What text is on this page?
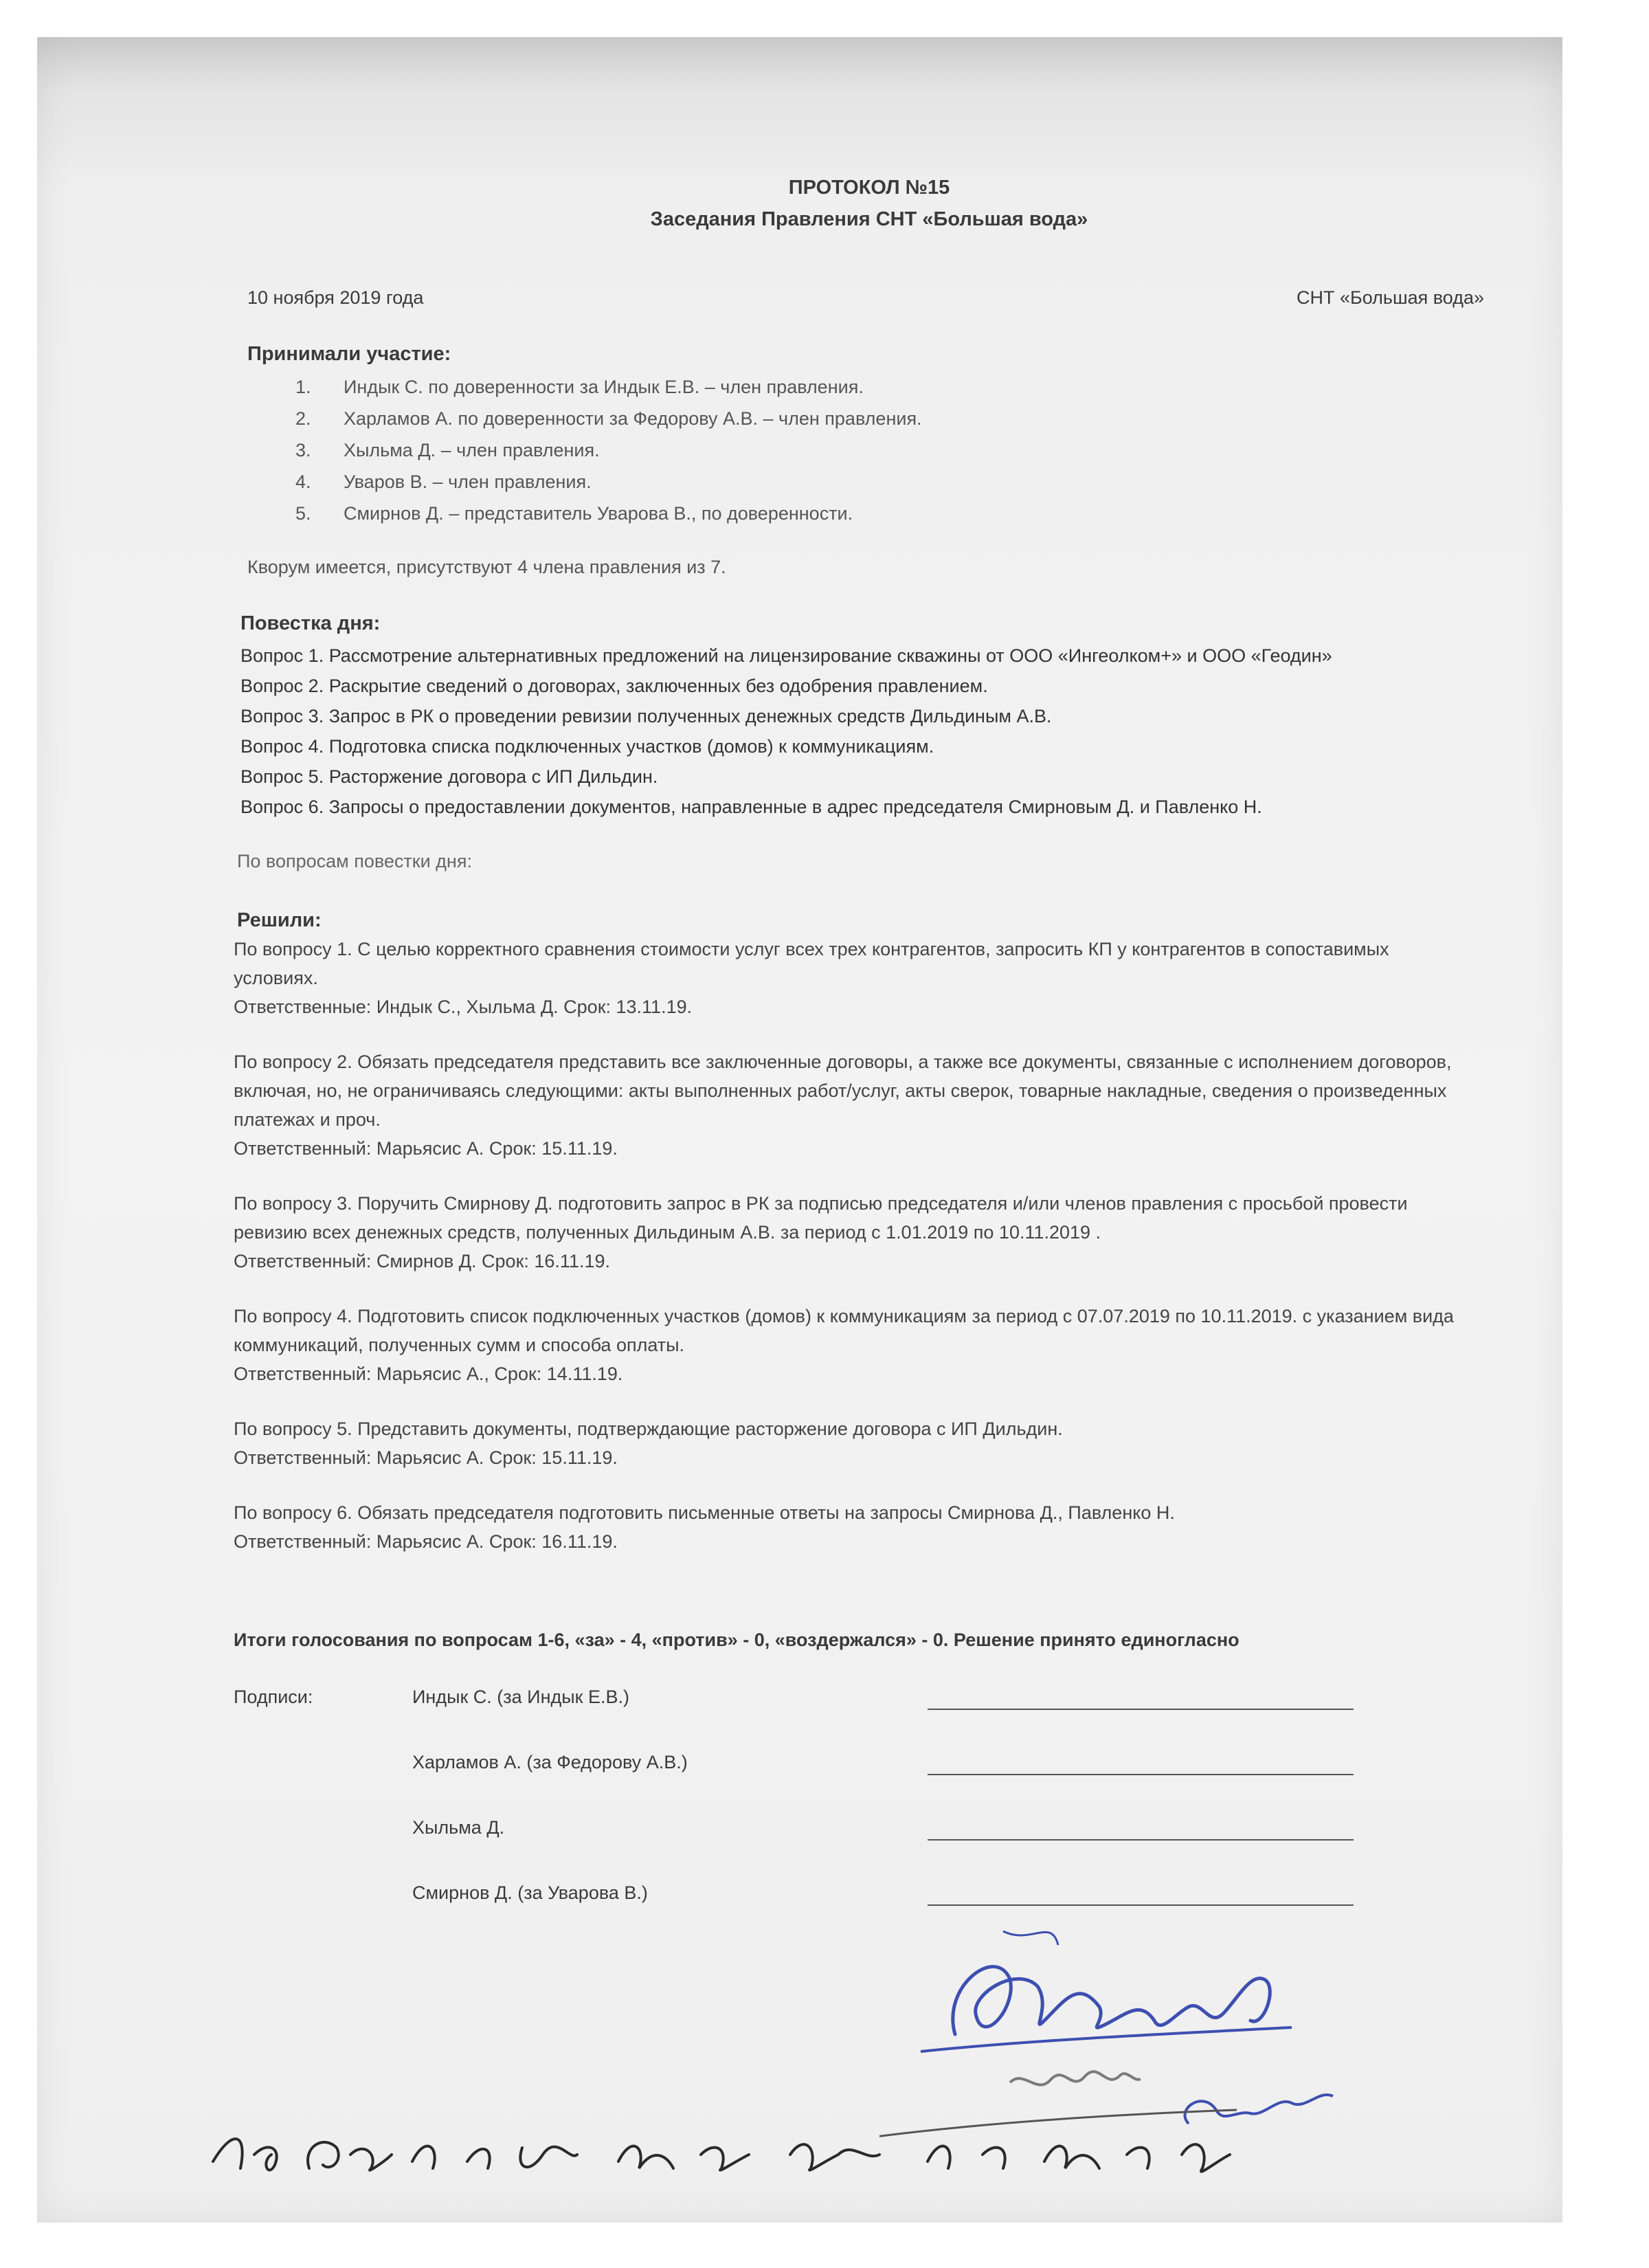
ПРОТОКОЛ №15
Заседания Правления СНТ «Большая вода»
10 ноября 2019 года	СНТ «Большая вода»
Принимали участие:
Индык С. по доверенности за Индык Е.В. – член правления.
Харламов А. по доверенности за Федорову А.В. – член правления.
Хыльма Д. – член правления.
Уваров В. – член правления.
Смирнов Д. – представитель Уварова В., по доверенности.
Кворум имеется, присутствуют 4 члена правления из 7.
Повестка дня:
Вопрос 1. Рассмотрение альтернативных предложений на лицензирование скважины от ООО «Ингеолком+» и ООО «Геодин»
Вопрос 2. Раскрытие сведений о договорах, заключенных без одобрения правлением.
Вопрос 3. Запрос в РК о проведении ревизии полученных денежных средств Дильдиным А.В.
Вопрос 4. Подготовка списка подключенных участков (домов) к коммуникациям.
Вопрос 5. Расторжение договора с ИП Дильдин.
Вопрос 6. Запросы о предоставлении документов, направленные в адрес председателя Смирновым Д. и Павленко Н.
По вопросам повестки дня:
Решили:
По вопросу 1. С целью корректного сравнения стоимости услуг всех трех контрагентов, запросить КП у контрагентов в сопоставимых условиях.
Ответственные: Индык С., Хыльма Д. Срок: 13.11.19.
По вопросу 2. Обязать председателя представить все заключенные договоры, а также все документы, связанные с исполнением договоров, включая, но, не ограничиваясь следующими: акты выполненных работ/услуг, акты сверок, товарные накладные, сведения о произведенных платежах и проч.
Ответственный: Марьясис А. Срок: 15.11.19.
По вопросу 3. Поручить Смирнову Д. подготовить запрос в РК за подписью председателя и/или членов правления с просьбой провести ревизию всех денежных средств, полученных Дильдиным А.В. за период с 1.01.2019 по 10.11.2019 .
Ответственный: Смирнов Д. Срок: 16.11.19.
По вопросу 4. Подготовить список подключенных участков (домов) к коммуникациям за период с 07.07.2019 по 10.11.2019. с указанием вида коммуникаций, полученных сумм и способа оплаты.
Ответственный: Марьясис А., Срок: 14.11.19.
По вопросу 5. Представить документы, подтверждающие расторжение договора с ИП Дильдин.
Ответственный: Марьясис А. Срок: 15.11.19.
По вопросу 6. Обязать председателя подготовить письменные ответы на запросы Смирнова Д., Павленко Н.
Ответственный: Марьясис А. Срок: 16.11.19.
Итоги голосования по вопросам 1-6, «за» - 4, «против» - 0, «воздержался» - 0. Решение принято единогласно
Подписи:	Индык С. (за Индык Е.В.)
Харламов А. (за Федорову А.В.)
Хыльма Д.
Смирнов Д. (за Уварова В.)
По вопросу 4 Смирнов Д. : голосовал за доту с
